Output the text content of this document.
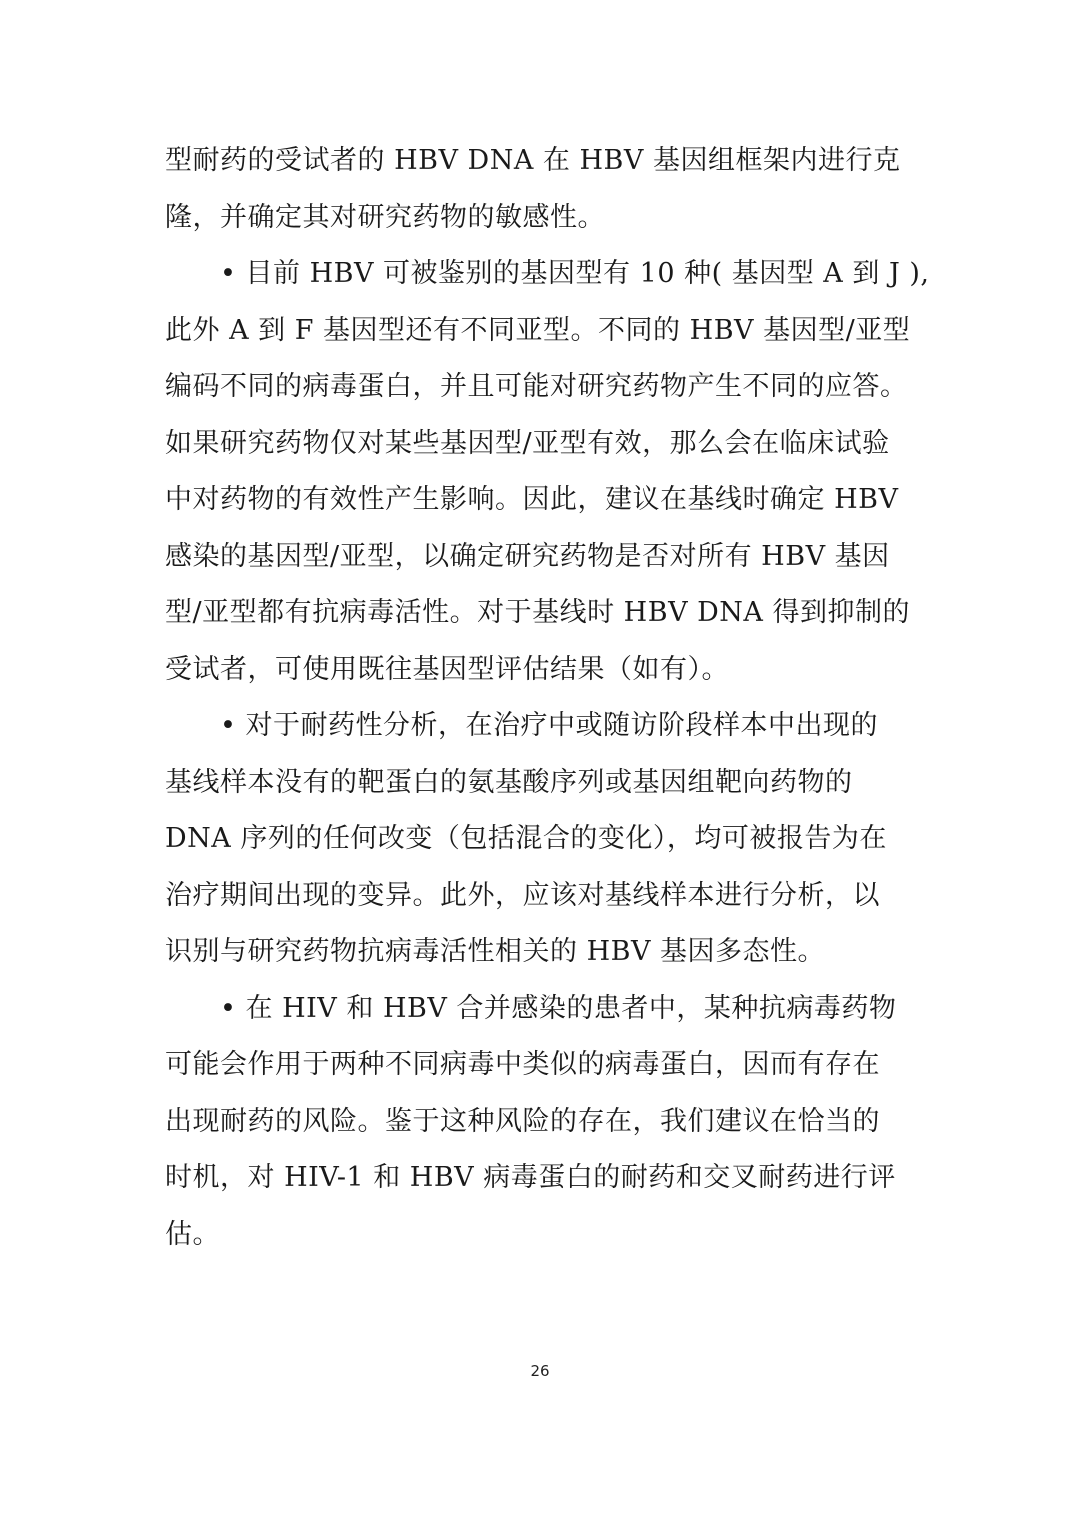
型耐药的受试者的 HBV DNA 在 HBV 基因组框架内进行克
隆，并确定其对研究药物的敏感性。
• 目前 HBV 可被鉴别的基因型有 10 种( 基因型 A 到 J ),
此外 A 到 F 基因型还有不同亚型。不同的 HBV 基因型/亚型
编码不同的病毒蛋白，并且可能对研究药物产生不同的应答。
如果研究药物仅对某些基因型/亚型有效，那么会在临床试验
中对药物的有效性产生影响。因此，建议在基线时确定 HBV
感染的基因型/亚型，以确定研究药物是否对所有 HBV 基因
型/亚型都有抗病毒活性。对于基线时 HBV DNA 得到抑制的
受试者，可使用既往基因型评估结果（如有）。
• 对于耐药性分析，在治疗中或随访阶段样本中出现的
基线样本没有的靶蛋白的氨基酸序列或基因组靶向药物的
DNA 序列的任何改变（包括混合的变化），均可被报告为在
治疗期间出现的变异。此外，应该对基线样本进行分析，以
识别与研究药物抗病毒活性相关的 HBV 基因多态性。
• 在 HIV 和 HBV 合并感染的患者中，某种抗病毒药物
可能会作用于两种不同病毒中类似的病毒蛋白，因而有存在
出现耐药的风险。鉴于这种风险的存在，我们建议在恰当的
时机，对 HIV-1 和 HBV 病毒蛋白的耐药和交叉耐药进行评
估。
26
